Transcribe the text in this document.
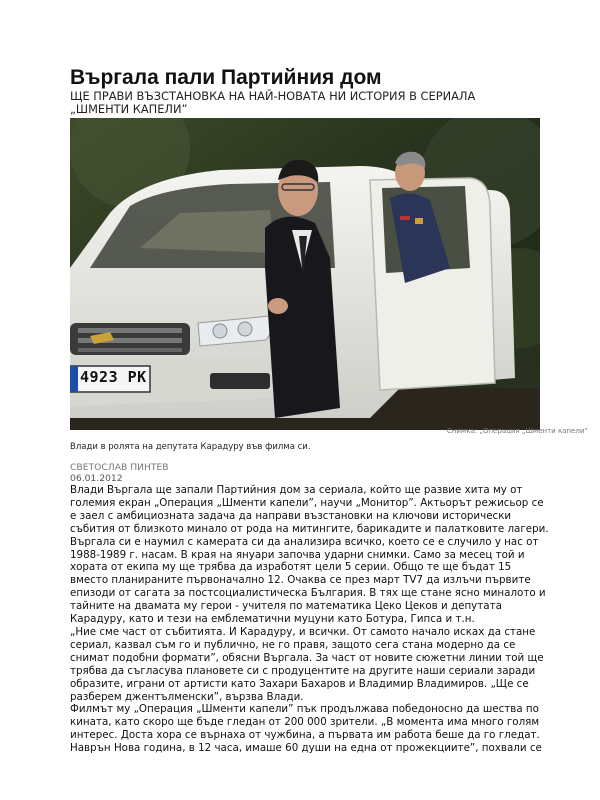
Въргала пали Партийния дом

ЩЕ ПРАВИ ВЪЗСТАНОВКА НА НАЙ-НОВАТА НИ ИСТОРИЯ В СЕРИАЛА

„ШМЕНТИ КАПЕЛИ”

4923 PK
Влади в ролята на депутата Карадуру във филма си.
СВЕТОСЛАВ ПИНТЕВ
06.01.2012

Влади Въргала ще запали Партийния дом за сериала, който ще развие хита му от

големия екран „Операция „Шменти капели”, научи „Монитор”. Актьорът режисьор се

е заел с амбициозната задача да направи възстановки на ключови исторически

събития от близкото минало от рода на митингите, барикадите и палатковите лагери.

Въргала си е наумил с камерата си да анализира всичко, което се е случило у нас от

1988-1989 г. насам. В края на януари започва ударни снимки. Само за месец той и

хората от екипа му ще трябва да изработят цели 5 серии. Общо те ще бъдат 15

вместо планираните първоначално 12. Очаква се през март TV7 да излъчи първите

епизоди от сагата за постсоциалистическа България. В тях ще стане ясно миналото и

тайните на двамата му герои - учителя по математика Цеко Цеков и депутата

Карадуру, като и тези на емблематични муцуни като Ботура, Гипса и т.н.

„Ние сме част от събитията. И Карадуру, и всички. От самото начало исках да стане

сериал, казвал съм го и публично, не го правя, защото сега стана модерно да се

снимат подобни формати”, обясни Въргала. За част от новите сюжетни линии той ще

трябва да съгласува плановете си с продуцентите на другите наши сериали заради

образите, играни от артисти като Захари Бахаров и Владимир Владимиров. „Ще се

разберем джентълменски”, вързва Влади.

Филмът му „Операция „Шменти капели” пък продължава победоносно да шества по

кината, като скоро ще бъде гледан от 200 000 зрители. „В момента има много голям

интерес. Доста хора се върнаха от чужбина, а първата им работа беше да го гледат.

Наврън Нова година, в 12 часа, имаше 60 души на една от прожекциите”, похвали се

Снимка: „Операция „Шменти капели”
